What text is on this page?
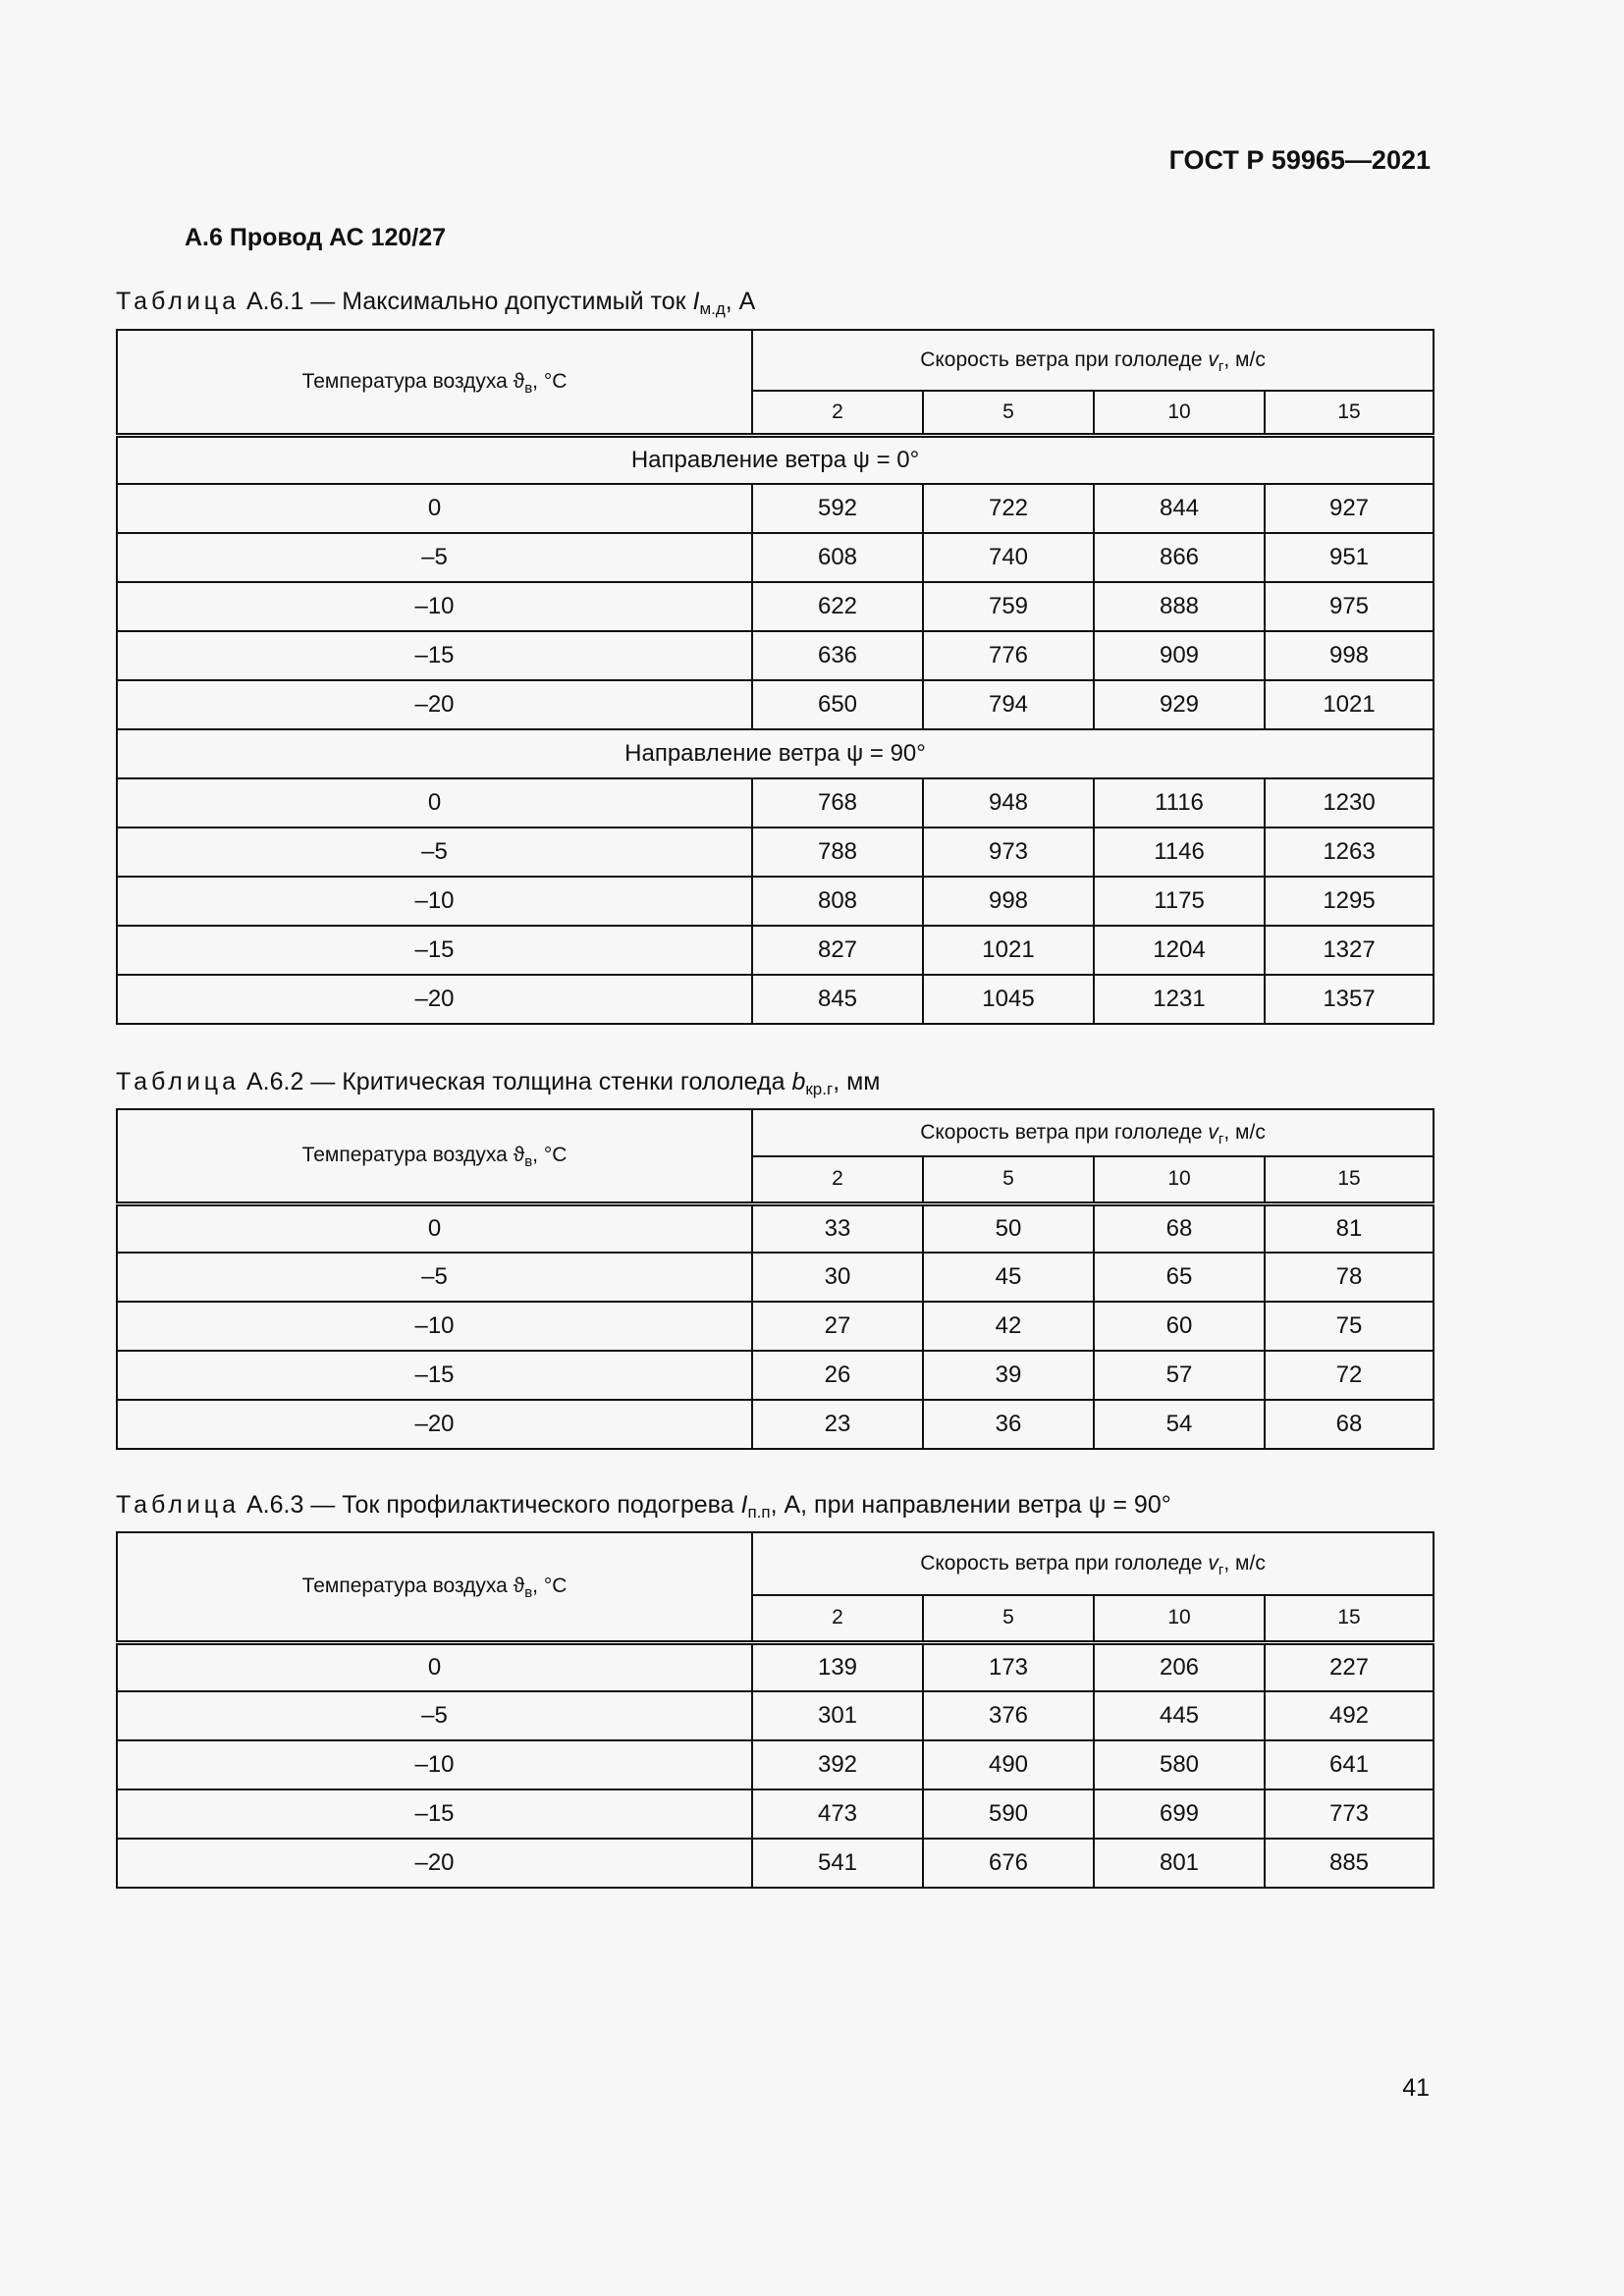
ГОСТ Р 59965—2021
А.6 Провод АС 120/27
Таблица А.6.1 — Максимально допустимый ток $I_{м.д}$, А
Температура воздуха $ϑ_в$, °С	Скорость ветра при гололеде $v_г$, м/с			
	2	5	10	15
Направление ветра ψ = 0°				
0	592	722	844	927
–5	608	740	866	951
–10	622	759	888	975
–15	636	776	909	998
–20	650	794	929	1021
Направление ветра ψ = 90°				
0	768	948	1116	1230
–5	788	973	1146	1263
–10	808	998	1175	1295
–15	827	1021	1204	1327
–20	845	1045	1231	1357
Таблица А.6.2 — Критическая толщина стенки гололеда $b_{кр.г}$, мм
Температура воздуха $ϑ_в$, °С	Скорость ветра при гололеде $v_г$, м/с			
	2	5	10	15
0	33	50	68	81
–5	30	45	65	78
–10	27	42	60	75
–15	26	39	57	72
–20	23	36	54	68
Таблица А.6.3 — Ток профилактического подогрева $I_{п.п}$, А, при направлении ветра ψ = 90°
Температура воздуха $ϑ_в$, °С	Скорость ветра при гололеде $v_г$, м/с			
	2	5	10	15
0	139	173	206	227
–5	301	376	445	492
–10	392	490	580	641
–15	473	590	699	773
–20	541	676	801	885
41
